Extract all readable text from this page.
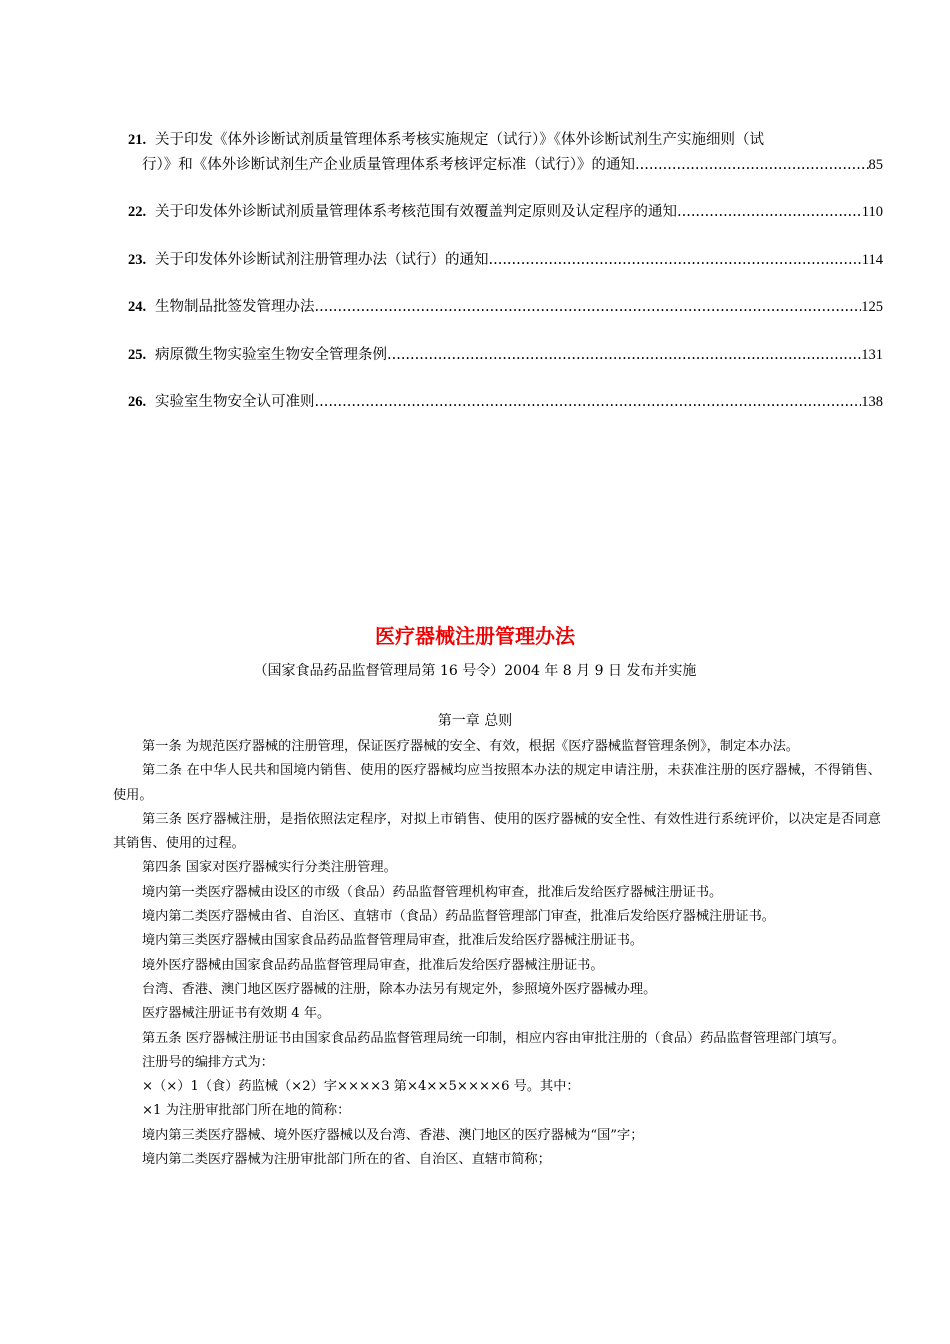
21. 关于印发《体外诊断试剂质量管理体系考核实施规定（试行）》《体外诊断试剂生产实施细则（试
行）》和《体外诊断试剂生产企业质量管理体系考核评定标准（试行）》的通知 .....	85
22. 关于印发体外诊断试剂质量管理体系考核范围有效覆盖判定原则及认定程序的通知 .....	110
23. 关于印发体外诊断试剂注册管理办法（试行）的通知 .....	114
24. 生物制品批签发管理办法 .....	125
25. 病原微生物实验室生物安全管理条例 .....	131
26. 实验室生物安全认可准则 .....	138
医疗器械注册管理办法
（国家食品药品监督管理局第 16 号令）2004 年 8 月 9 日 发布并实施
第一章 总则

第一条 为规范医疗器械的注册管理，保证医疗器械的安全、有效，根据《医疗器械监督管理条例》，制定本办法。

第二条 在中华人民共和国境内销售、使用的医疗器械均应当按照本办法的规定申请注册，未获准注册的医疗器械，不得销售、使用。

第三条 医疗器械注册，是指依照法定程序，对拟上市销售、使用的医疗器械的安全性、有效性进行系统评价，以决定是否同意其销售、使用的过程。

第四条 国家对医疗器械实行分类注册管理。

境内第一类医疗器械由设区的市级（食品）药品监督管理机构审查，批准后发给医疗器械注册证书。

境内第二类医疗器械由省、自治区、直辖市（食品）药品监督管理部门审查，批准后发给医疗器械注册证书。

境内第三类医疗器械由国家食品药品监督管理局审查，批准后发给医疗器械注册证书。

境外医疗器械由国家食品药品监督管理局审查，批准后发给医疗器械注册证书。

台湾、香港、澳门地区医疗器械的注册，除本办法另有规定外，参照境外医疗器械办理。

医疗器械注册证书有效期 4 年。

第五条 医疗器械注册证书由国家食品药品监督管理局统一印制，相应内容由审批注册的（食品）药品监督管理部门填写。

注册号的编排方式为：

×（×）1（食）药监械（×2）字××××3 第×4××5××××6 号。其中：

×1 为注册审批部门所在地的简称：

境内第三类医疗器械、境外医疗器械以及台湾、香港、澳门地区的医疗器械为“国”字；

境内第二类医疗器械为注册审批部门所在的省、自治区、直辖市简称；
